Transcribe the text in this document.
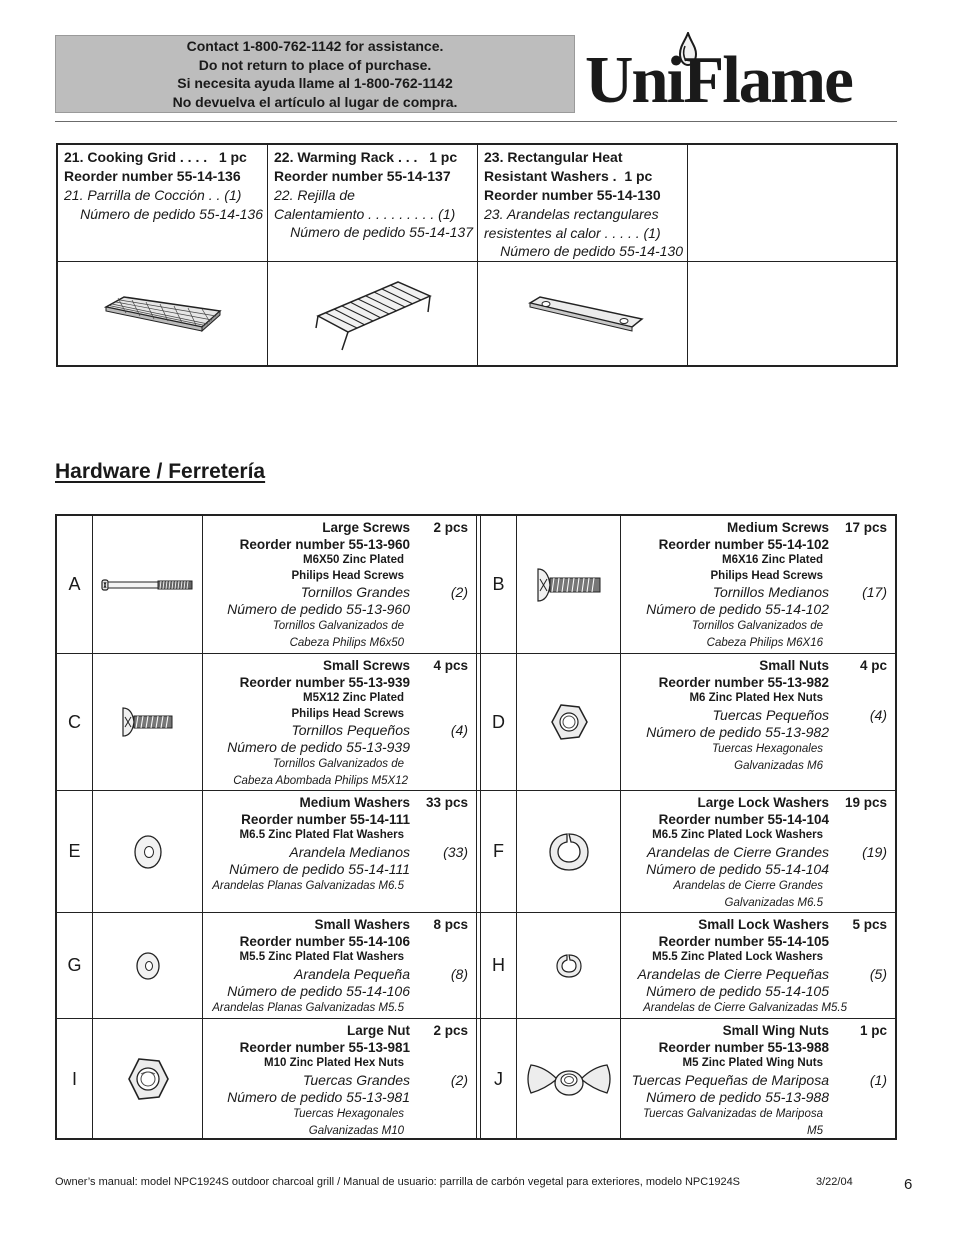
Contact 1-800-762-1142 for assistance.
Do not return to place of purchase.
Si necesita ayuda llame al 1-800-762-1142
No devuelva el artículo al lugar de compra. UniFlame
21. Cooking Grid . . . . 1 pc
Reorder number 55-14-136
21. Parrilla de Cocción . . (1)
Número de pedido 55-14-136
22. Warming Rack . . . 1 pc
Reorder number 55-14-137
22. Rejilla de
Calentamiento . . . . . . . . . (1)
Número de pedido 55-14-137
23. Rectangular Heat
Resistant Washers . 1 pc
Reorder number 55-14-130
23. Arandelas rectangulares
resistentes al calor . . . . . (1)
Número de pedido 55-14-130
Hardware / Ferretería
A
Large Screws	2 pcs
Reorder number 55-13-960
M6X50 Zinc Plated
Philips Head Screws
Tornillos Grandes	(2)
Número de pedido 55-13-960
Tornillos Galvanizados de
Cabeza Philips M6x50
B
Medium Screws	17 pcs
Reorder number 55-14-102
M6X16 Zinc Plated
Philips Head Screws
Tornillos Medianos	(17)
Número de pedido 55-14-102
Tornillos Galvanizados de
Cabeza Philips M6X16
C
Small Screws	4 pcs
Reorder number 55-13-939
M5X12 Zinc Plated
Philips Head Screws
Tornillos Pequeños	(4)
Número de pedido 55-13-939
Tornillos Galvanizados de
Cabeza Abombada Philips M5X12
D
Small Nuts	4 pc
Reorder number 55-13-982
M6 Zinc Plated Hex Nuts
Tuercas Pequeños	(4)
Número de pedido 55-13-982
Tuercas Hexagonales
Galvanizadas M6
E
Medium Washers	33 pcs
Reorder number 55-14-111
M6.5 Zinc Plated Flat Washers
Arandela Medianos	(33)
Número de pedido 55-14-111
Arandelas Planas Galvanizadas M6.5
F
Large Lock Washers	19 pcs
Reorder number 55-14-104
M6.5 Zinc Plated Lock Washers
Arandelas de Cierre Grandes	(19)
Número de pedido 55-14-104
Arandelas de Cierre Grandes
Galvanizadas M6.5
G
Small Washers	8 pcs
Reorder number 55-14-106
M5.5 Zinc Plated Flat Washers
Arandela Pequeña	(8)
Número de pedido 55-14-106
Arandelas Planas Galvanizadas M5.5
H
Small Lock Washers	5 pcs
Reorder number 55-14-105
M5.5 Zinc Plated Lock Washers
Arandelas de Cierre Pequeñas	(5)
Número de pedido 55-14-105
Arandelas de Cierre Galvanizadas M5.5
I
Large Nut	2 pcs
Reorder number 55-13-981
M10 Zinc Plated Hex Nuts
Tuercas Grandes	(2)
Número de pedido 55-13-981
Tuercas Hexagonales
Galvanizadas M10
J
Small Wing Nuts	1 pc
Reorder number 55-13-988
M5 Zinc Plated Wing Nuts
Tuercas Pequeñas de Mariposa	(1)
Número de pedido 55-13-988
Tuercas Galvanizadas de Mariposa M5
Owner’s manual: model NPC1924S outdoor charcoal grill / Manual de usuario: parrilla de carbón vegetal para exteriores, modelo NPC1924S	3/22/04	6
